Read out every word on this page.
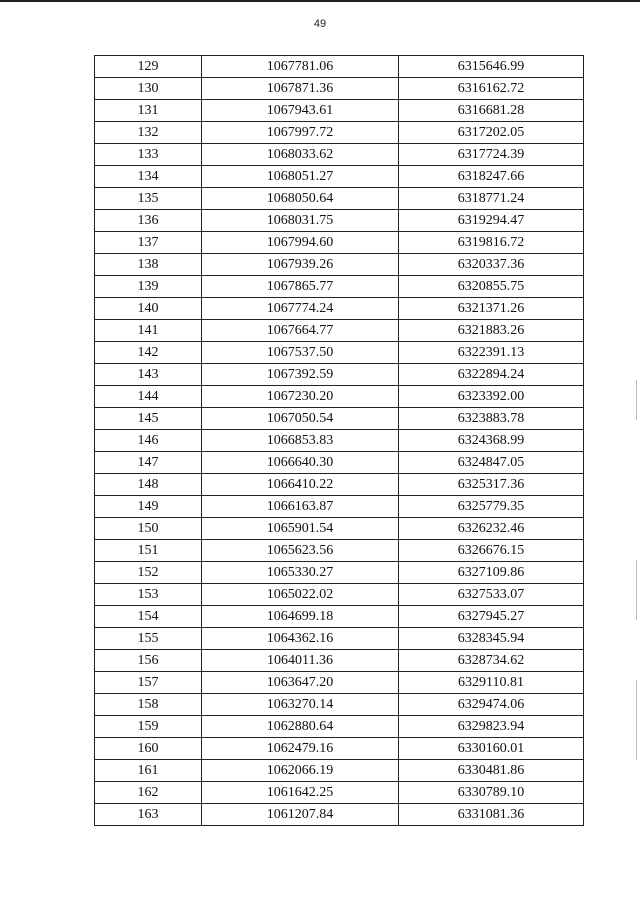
49
129	1067781.06	6315646.99
130	1067871.36	6316162.72
131	1067943.61	6316681.28
132	1067997.72	6317202.05
133	1068033.62	6317724.39
134	1068051.27	6318247.66
135	1068050.64	6318771.24
136	1068031.75	6319294.47
137	1067994.60	6319816.72
138	1067939.26	6320337.36
139	1067865.77	6320855.75
140	1067774.24	6321371.26
141	1067664.77	6321883.26
142	1067537.50	6322391.13
143	1067392.59	6322894.24
144	1067230.20	6323392.00
145	1067050.54	6323883.78
146	1066853.83	6324368.99
147	1066640.30	6324847.05
148	1066410.22	6325317.36
149	1066163.87	6325779.35
150	1065901.54	6326232.46
151	1065623.56	6326676.15
152	1065330.27	6327109.86
153	1065022.02	6327533.07
154	1064699.18	6327945.27
155	1064362.16	6328345.94
156	1064011.36	6328734.62
157	1063647.20	6329110.81
158	1063270.14	6329474.06
159	1062880.64	6329823.94
160	1062479.16	6330160.01
161	1062066.19	6330481.86
162	1061642.25	6330789.10
163	1061207.84	6331081.36
